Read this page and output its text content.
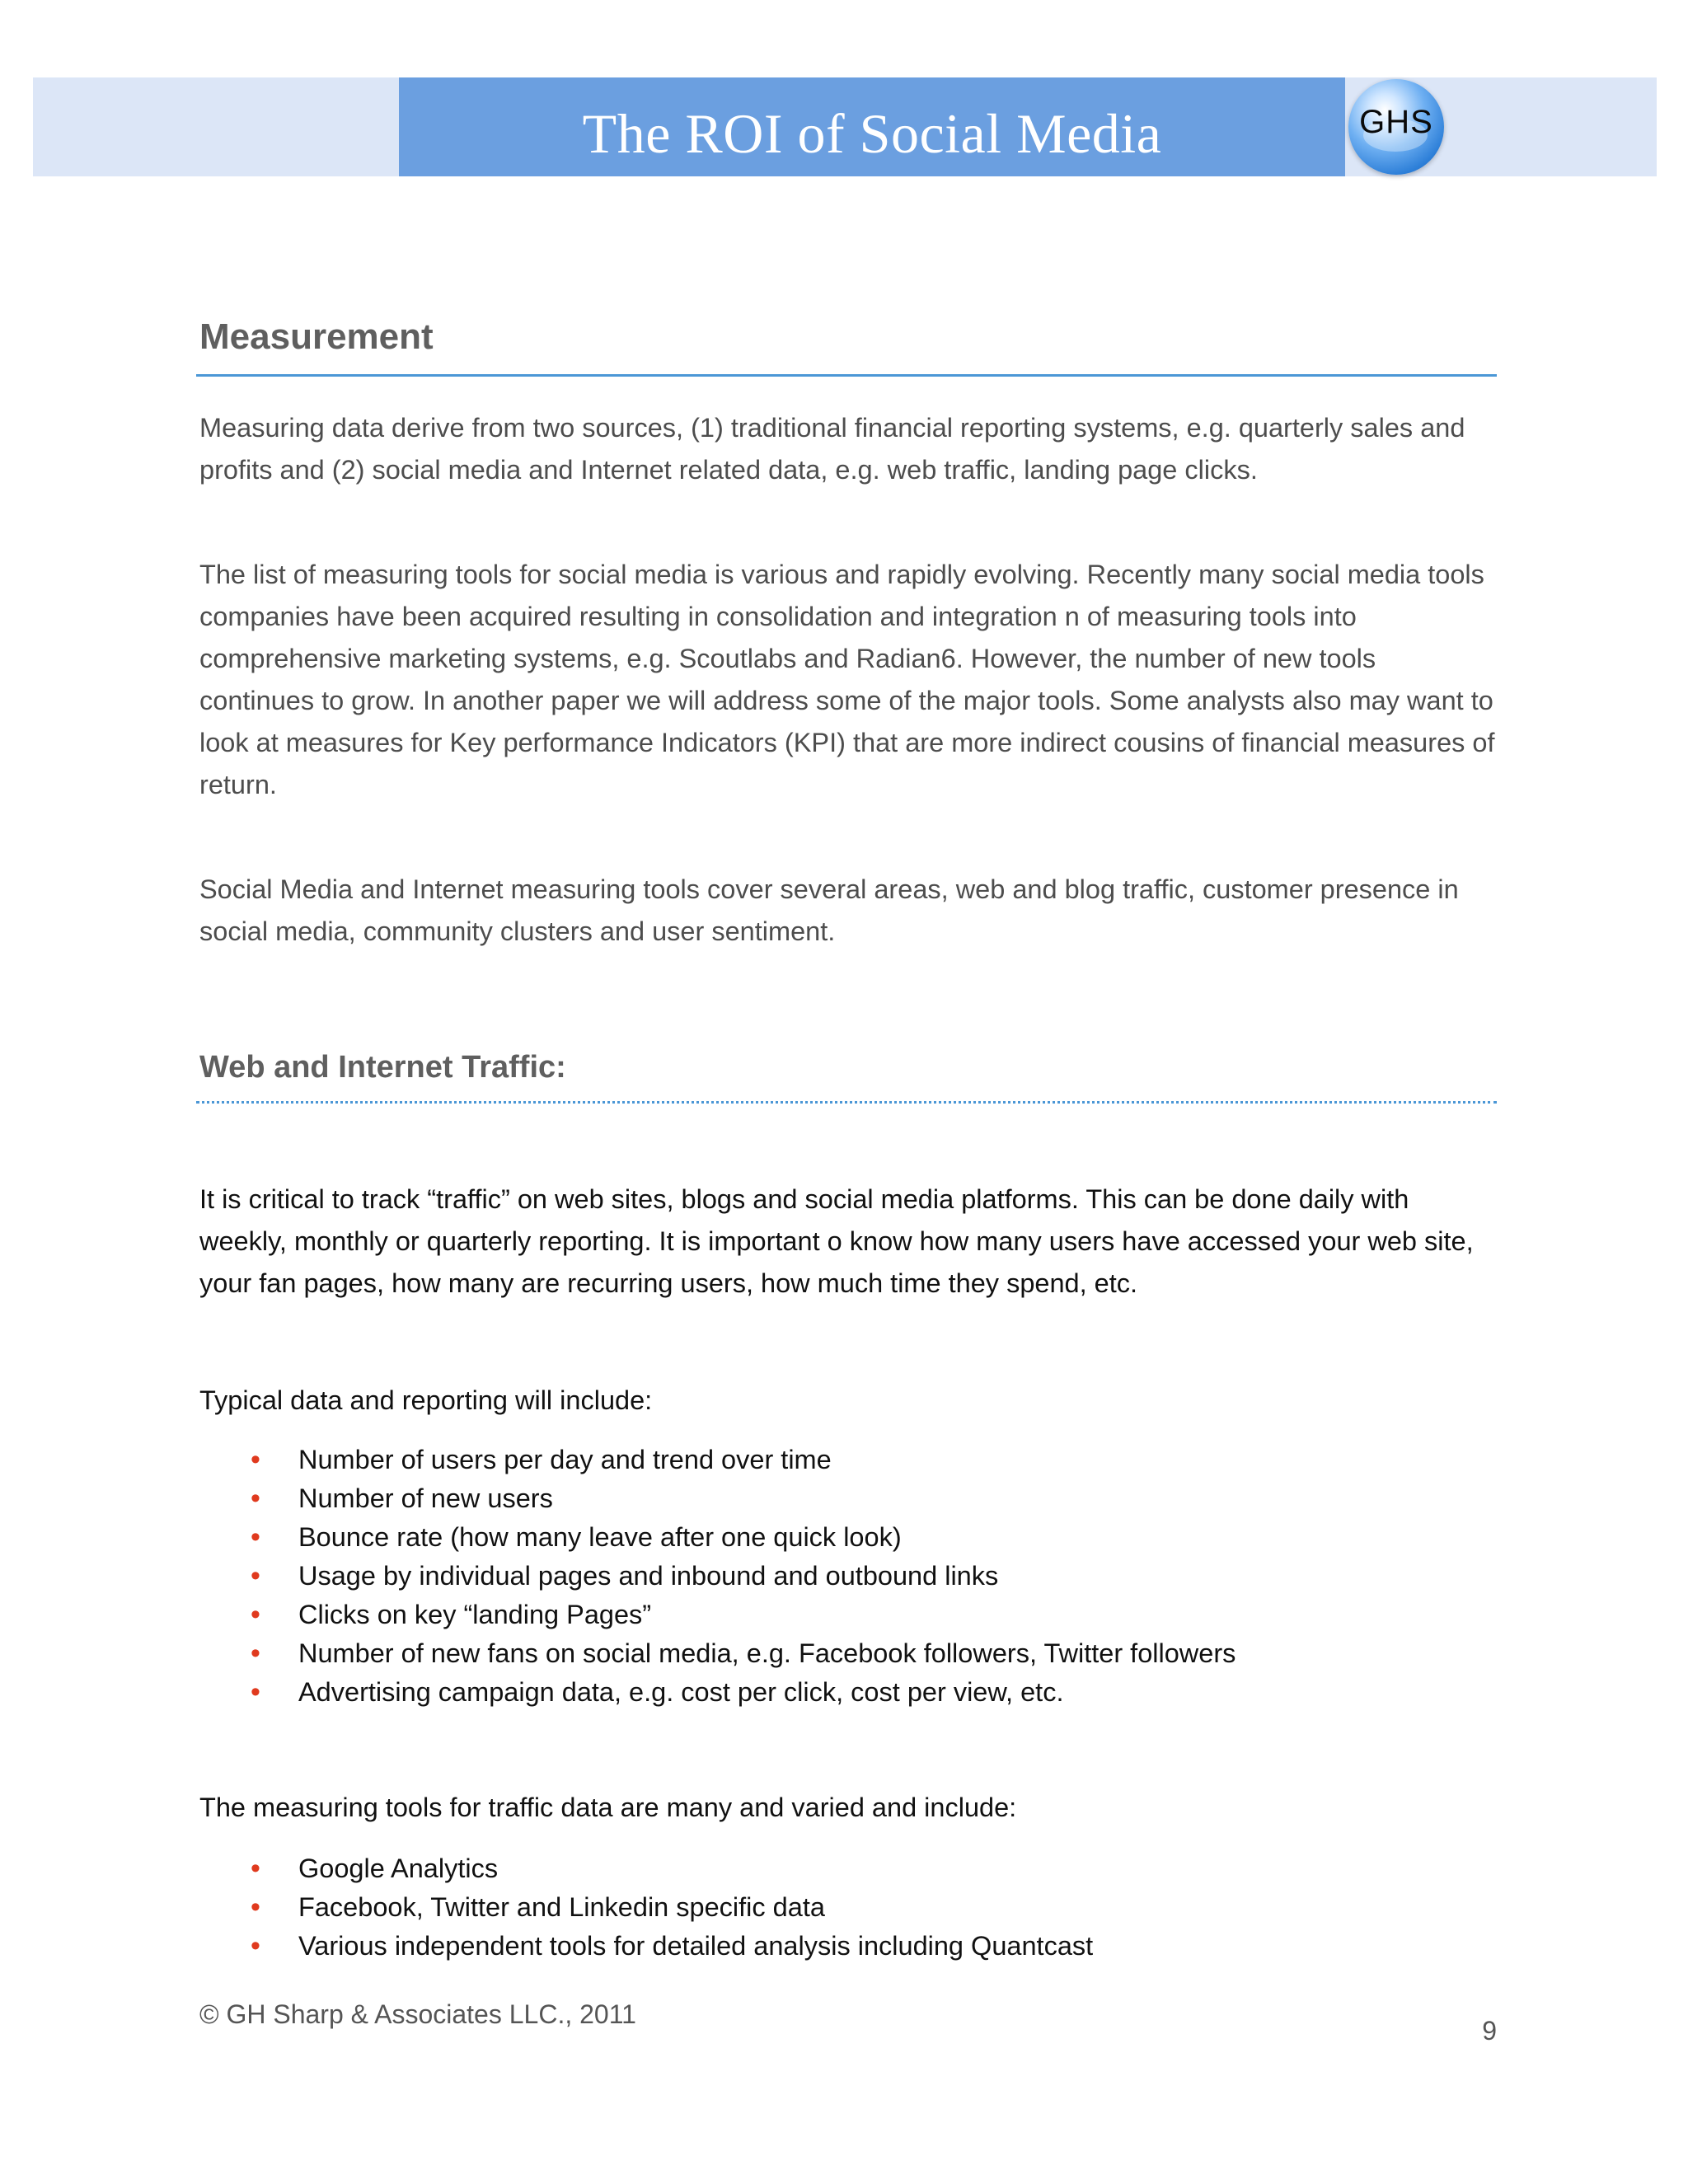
The ROI of Social Media	GHS
Measurement

Measuring data derive from two sources, (1) traditional financial reporting systems, e.g. quarterly sales and profits and (2) social media and Internet related data, e.g. web traffic, landing page clicks.

The list of measuring tools for social media is various and rapidly evolving. Recently many social media tools companies have been acquired resulting in consolidation and integration n of measuring tools into comprehensive marketing systems, e.g. Scoutlabs and Radian6. However, the number of new tools continues to grow. In another paper we will address some of the major tools. Some analysts also may want to look at measures for Key performance Indicators (KPI) that are more indirect cousins of financial measures of return.

Social Media and Internet measuring tools cover several areas, web and blog traffic, customer presence in social media, community clusters and user sentiment.

Web and Internet Traffic:

It is critical to track “traffic” on web sites, blogs and social media platforms. This can be done daily with weekly, monthly or quarterly reporting. It is important o know how many users have accessed your web site, your fan pages, how many are recurring users, how much time they spend, etc.

Typical data and reporting will include:

• Number of users per day and trend over time
• Number of new users
• Bounce rate (how many leave after one quick look)
• Usage by individual pages and inbound and outbound links
• Clicks on key “landing Pages”
• Number of new fans on social media, e.g. Facebook followers, Twitter followers
• Advertising campaign data, e.g. cost per click, cost per view, etc.

The measuring tools for traffic data are many and varied and include:

• Google Analytics
• Facebook, Twitter and Linkedin specific data
• Various independent tools for detailed analysis including Quantcast
© GH Sharp & Associates LLC., 2011
9
